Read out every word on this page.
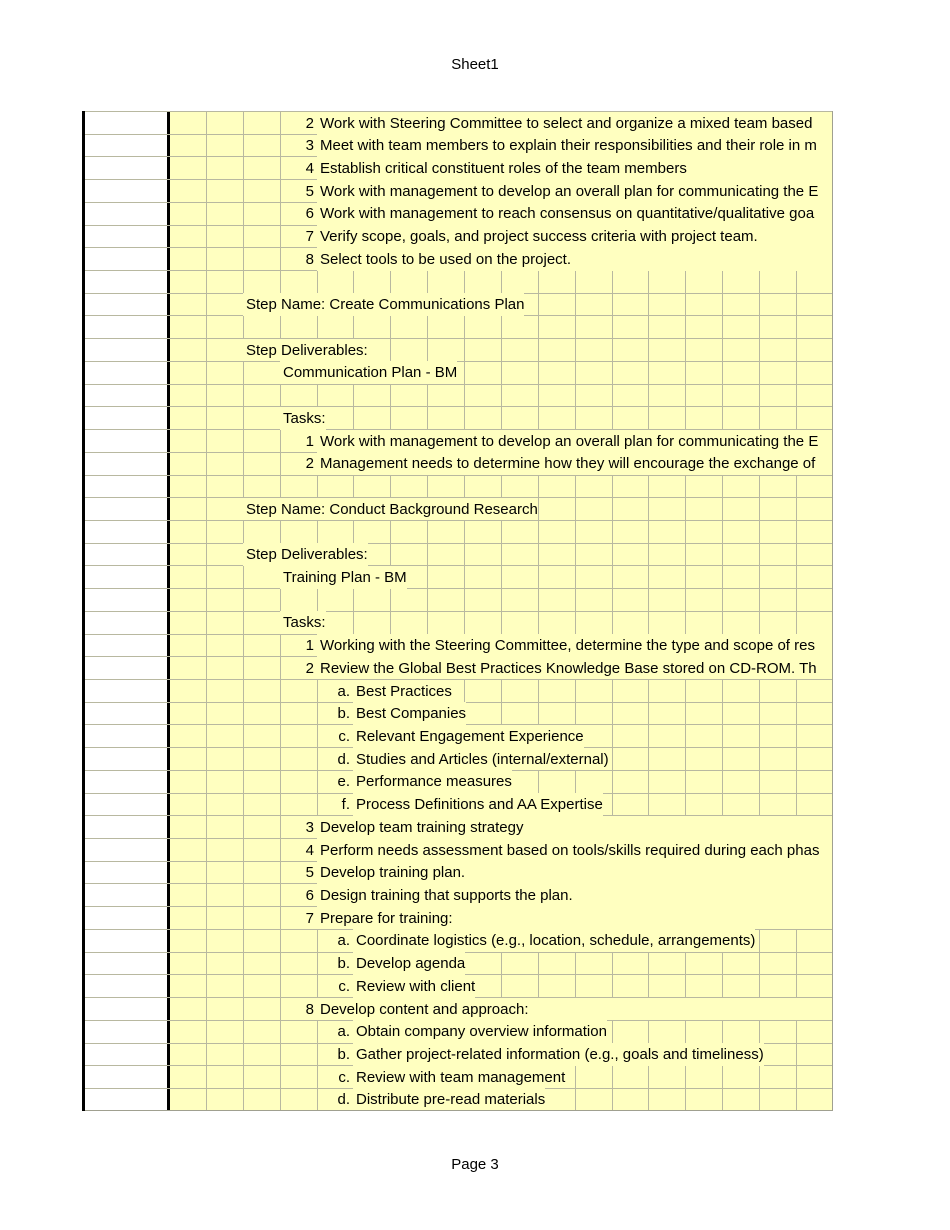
Sheet1
2 Work with Steering Committee to select and organize a mixed team based
3 Meet with team members to explain their responsibilities and their role in m
4 Establish critical constituent roles of the team members
5 Work with management to develop an overall plan for communicating the E
6 Work with management to reach consensus on quantitative/qualitative goa
7 Verify scope, goals, and project success criteria with project team.
8 Select tools to be used on the project.
Step Name: Create Communications Plan
Step Deliverables:
Communication Plan - BM
Tasks:
1 Work with management to develop an overall plan for communicating the E
2 Management needs to determine how they will encourage the exchange of
Step Name: Conduct Background Research
Step Deliverables:
Training Plan - BM
Tasks:
1 Working with the Steering Committee, determine the type and scope of res
2 Review the Global Best Practices Knowledge Base stored on CD-ROM. Th
a. Best Practices
b. Best Companies
c. Relevant Engagement Experience
d. Studies and Articles (internal/external)
e. Performance measures
f. Process Definitions and AA Expertise
3 Develop team training strategy
4 Perform needs assessment based on tools/skills required during each phas
5 Develop training plan.
6 Design training that supports the plan.
7 Prepare for training:
a. Coordinate logistics (e.g., location, schedule, arrangements)
b. Develop agenda
c. Review with client
8 Develop content and approach:
a. Obtain company overview information
b. Gather project-related information (e.g., goals and timeliness)
c. Review with team management
d. Distribute pre-read materials
Page 3
